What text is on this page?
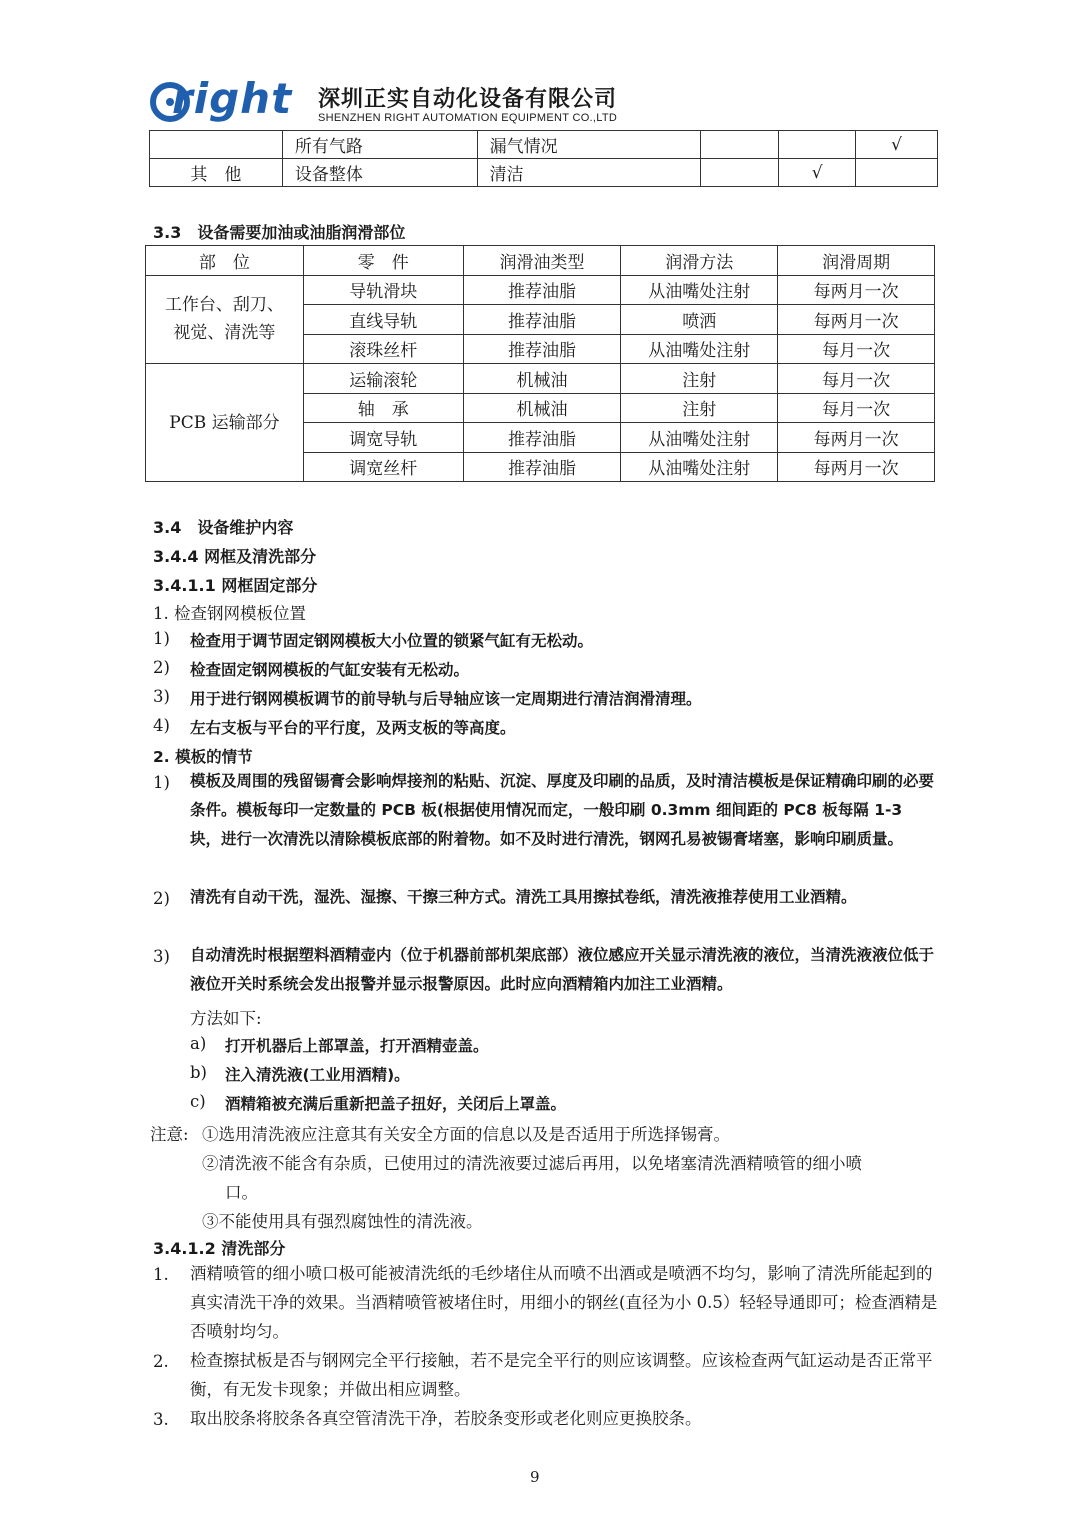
right 深圳正实自动化设备有限公司
SHENZHEN RIGHT AUTOMATION EQUIPMENT CO.,LTD
	所有气路	漏气情况			√
其　他	设备整体	清洁		√	
3.3　设备需要加油或油脂润滑部位
部　位	零　件	润滑油类型	润滑方法	润滑周期
工作台、刮刀、视觉、清洗等	导轨滑块	推荐油脂	从油嘴处注射	每两月一次
	直线导轨	推荐油脂	喷洒	每两月一次
	滚珠丝杆	推荐油脂	从油嘴处注射	每月一次
PCB 运输部分	运输滚轮	机械油	注射	每月一次
	轴　承	机械油	注射	每月一次
	调宽导轨	推荐油脂	从油嘴处注射	每两月一次
	调宽丝杆	推荐油脂	从油嘴处注射	每两月一次
3.4　设备维护内容
3.4.4 网框及清洗部分
3.4.1.1 网框固定部分
1. 检查钢网模板位置
1) 检查用于调节固定钢网模板大小位置的锁紧气缸有无松动。
2) 检查固定钢网模板的气缸安装有无松动。
3) 用于进行钢网模板调节的前导轨与后导轴应该一定周期进行清洁润滑清理。
4) 左右支板与平台的平行度，及两支板的等高度。
2. 模板的情节
1) 模板及周围的残留锡膏会影响焊接剂的粘贴、沉淀、厚度及印刷的品质，及时清洁模板是保证精确印刷的必要条件。模板每印一定数量的 PCB 板(根据使用情况而定，一般印刷 0.3mm 细间距的 PC8 板每隔 1-3 块，进行一次清洗以清除模板底部的附着物。如不及时进行清洗，钢网孔易被锡膏堵塞，影响印刷质量。
2) 清洗有自动干洗，湿洗、湿擦、干擦三种方式。清洗工具用擦拭卷纸，清洗液推荐使用工业酒精。
3) 自动清洗时根据塑料酒精壶内（位于机器前部机架底部）液位感应开关显示清洗液的液位，当清洗液液位低于液位开关时系统会发出报警并显示报警原因。此时应向酒精箱内加注工业酒精。
方法如下:
a) 打开机器后上部罩盖，打开酒精壶盖。
b) 注入清洗液(工业用酒精)。
c) 酒精箱被充满后重新把盖子扭好，关闭后上罩盖。
注意: ①选用清洗液应注意其有关安全方面的信息以及是否适用于所选择锡膏。
②清洗液不能含有杂质，已使用过的清洗液要过滤后再用，以免堵塞清洗酒精喷管的细小喷
口。
③不能使用具有强烈腐蚀性的清洗液。
3.4.1.2 清洗部分
1. 酒精喷管的细小喷口极可能被清洗纸的毛纱堵住从而喷不出酒或是喷洒不均匀，影响了清洗所能起到的真实清洗干净的效果。当酒精喷管被堵住时，用细小的钢丝(直径为小 0.5）轻轻导通即可；检查酒精是否喷射均匀。
2. 检查擦拭板是否与钢网完全平行接触，若不是完全平行的则应该调整。应该检查两气缸运动是否正常平衡，有无发卡现象；并做出相应调整。
3. 取出胶条将胶条各真空管清洗干净，若胶条变形或老化则应更换胶条。
9
